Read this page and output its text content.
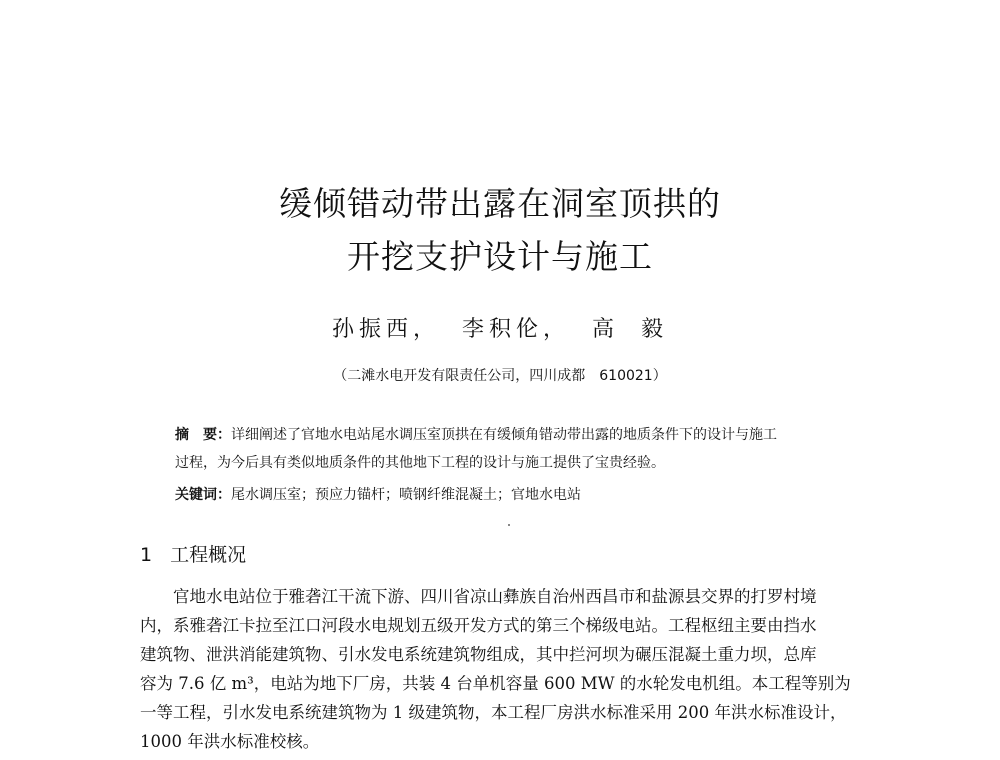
缓倾错动带出露在洞室顶拱的
开挖支护设计与施工
孙振西， 李积伦， 高 毅
（二滩水电开发有限责任公司，四川成都　610021）
摘　要：详细阐述了官地水电站尾水调压室顶拱在有缓倾角错动带出露的地质条件下的设计与施工
过程，为今后具有类似地质条件的其他地下工程的设计与施工提供了宝贵经验。
关键词：尾水调压室；预应力锚杆；喷钢纤维混凝土；官地水电站
1 工程概况
　　官地水电站位于雅砻江干流下游、四川省凉山彝族自治州西昌市和盐源县交界的打罗村境
内，系雅砻江卡拉至江口河段水电规划五级开发方式的第三个梯级电站。工程枢纽主要由挡水
建筑物、泄洪消能建筑物、引水发电系统建筑物组成，其中拦河坝为碾压混凝土重力坝，总库
容为 7.6 亿 m³，电站为地下厂房，共装 4 台单机容量 600 MW 的水轮发电机组。本工程等别为
一等工程，引水发电系统建筑物为 1 级建筑物，本工程厂房洪水标准采用 200 年洪水标准设计，
1000 年洪水标准校核。
